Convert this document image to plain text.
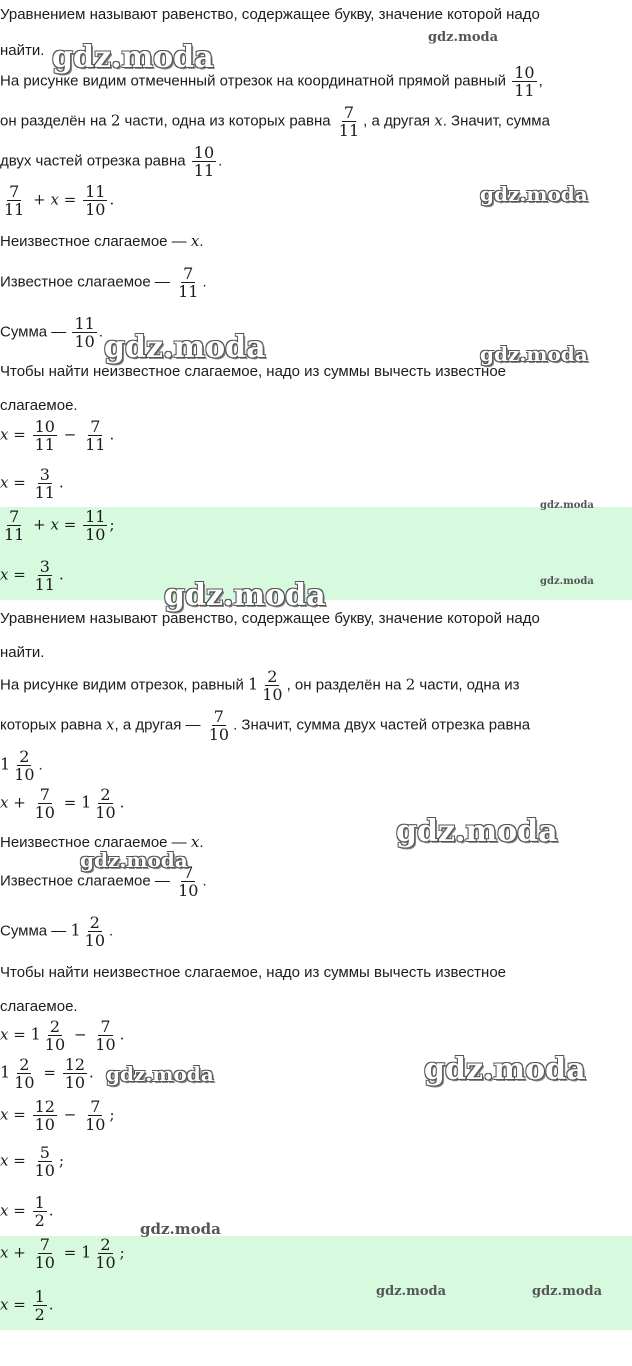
Уравнением называют равенство, содержащее букву, значение которой надо
найти.
На рисунке видим отмеченный отрезок на координатной прямой равный $\frac{10}{11}$ ,
он разделён на 2 части, одна из которых равна $\frac{7}{11}$ , а другая x. Значит, сумма
двух частей отрезка равна $\frac{10}{11}$ .
$\frac{7}{11} + x = \frac{11}{10}$ .
Неизвестное слагаемое — x.
Известное слагаемое — $\frac{7}{11}$ .
Сумма — $\frac{11}{10}$ .
Чтобы найти неизвестное слагаемое, надо из суммы вычесть известное
слагаемое.
$x = \frac{10}{11} - \frac{7}{11}$ .
$x = \frac{3}{11}$ .
$\frac{7}{11} + x = \frac{11}{10}$ ;
$x = \frac{3}{11}$ .
Уравнением называют равенство, содержащее букву, значение которой надо
найти.
На рисунке видим отрезок, равный $1 \frac{2}{10}$ , он разделён на 2 части, одна из
которых равна x, а другая — $\frac{7}{10}$ . Значит, сумма двух частей отрезка равна
$1 \frac{2}{10}$ .
$x + \frac{7}{10} = 1 \frac{2}{10}$ .
Неизвестное слагаемое — x.
Известное слагаемое — $\frac{7}{10}$ .
Сумма — $1 \frac{2}{10}$ .
Чтобы найти неизвестное слагаемое, надо из суммы вычесть известное
слагаемое.
$x = 1 \frac{2}{10} - \frac{7}{10}$ .
$1 \frac{2}{10} = \frac{12}{10}$ .
$x = \frac{12}{10} - \frac{7}{10}$ ;
$x = \frac{5}{10}$ ;
$x = \frac{1}{2}$ .
$x + \frac{7}{10} = 1 \frac{2}{10}$ ;
$x = \frac{1}{2}$ .
gdz.moda
gdz.moda
gdz.moda
gdz.moda	gdz.moda
gdz.moda
gdz.moda
gdz.moda
gdz.moda
gdz.moda
gdz.moda
gdz.moda
gdz.moda
gdz.moda	gdz.moda
